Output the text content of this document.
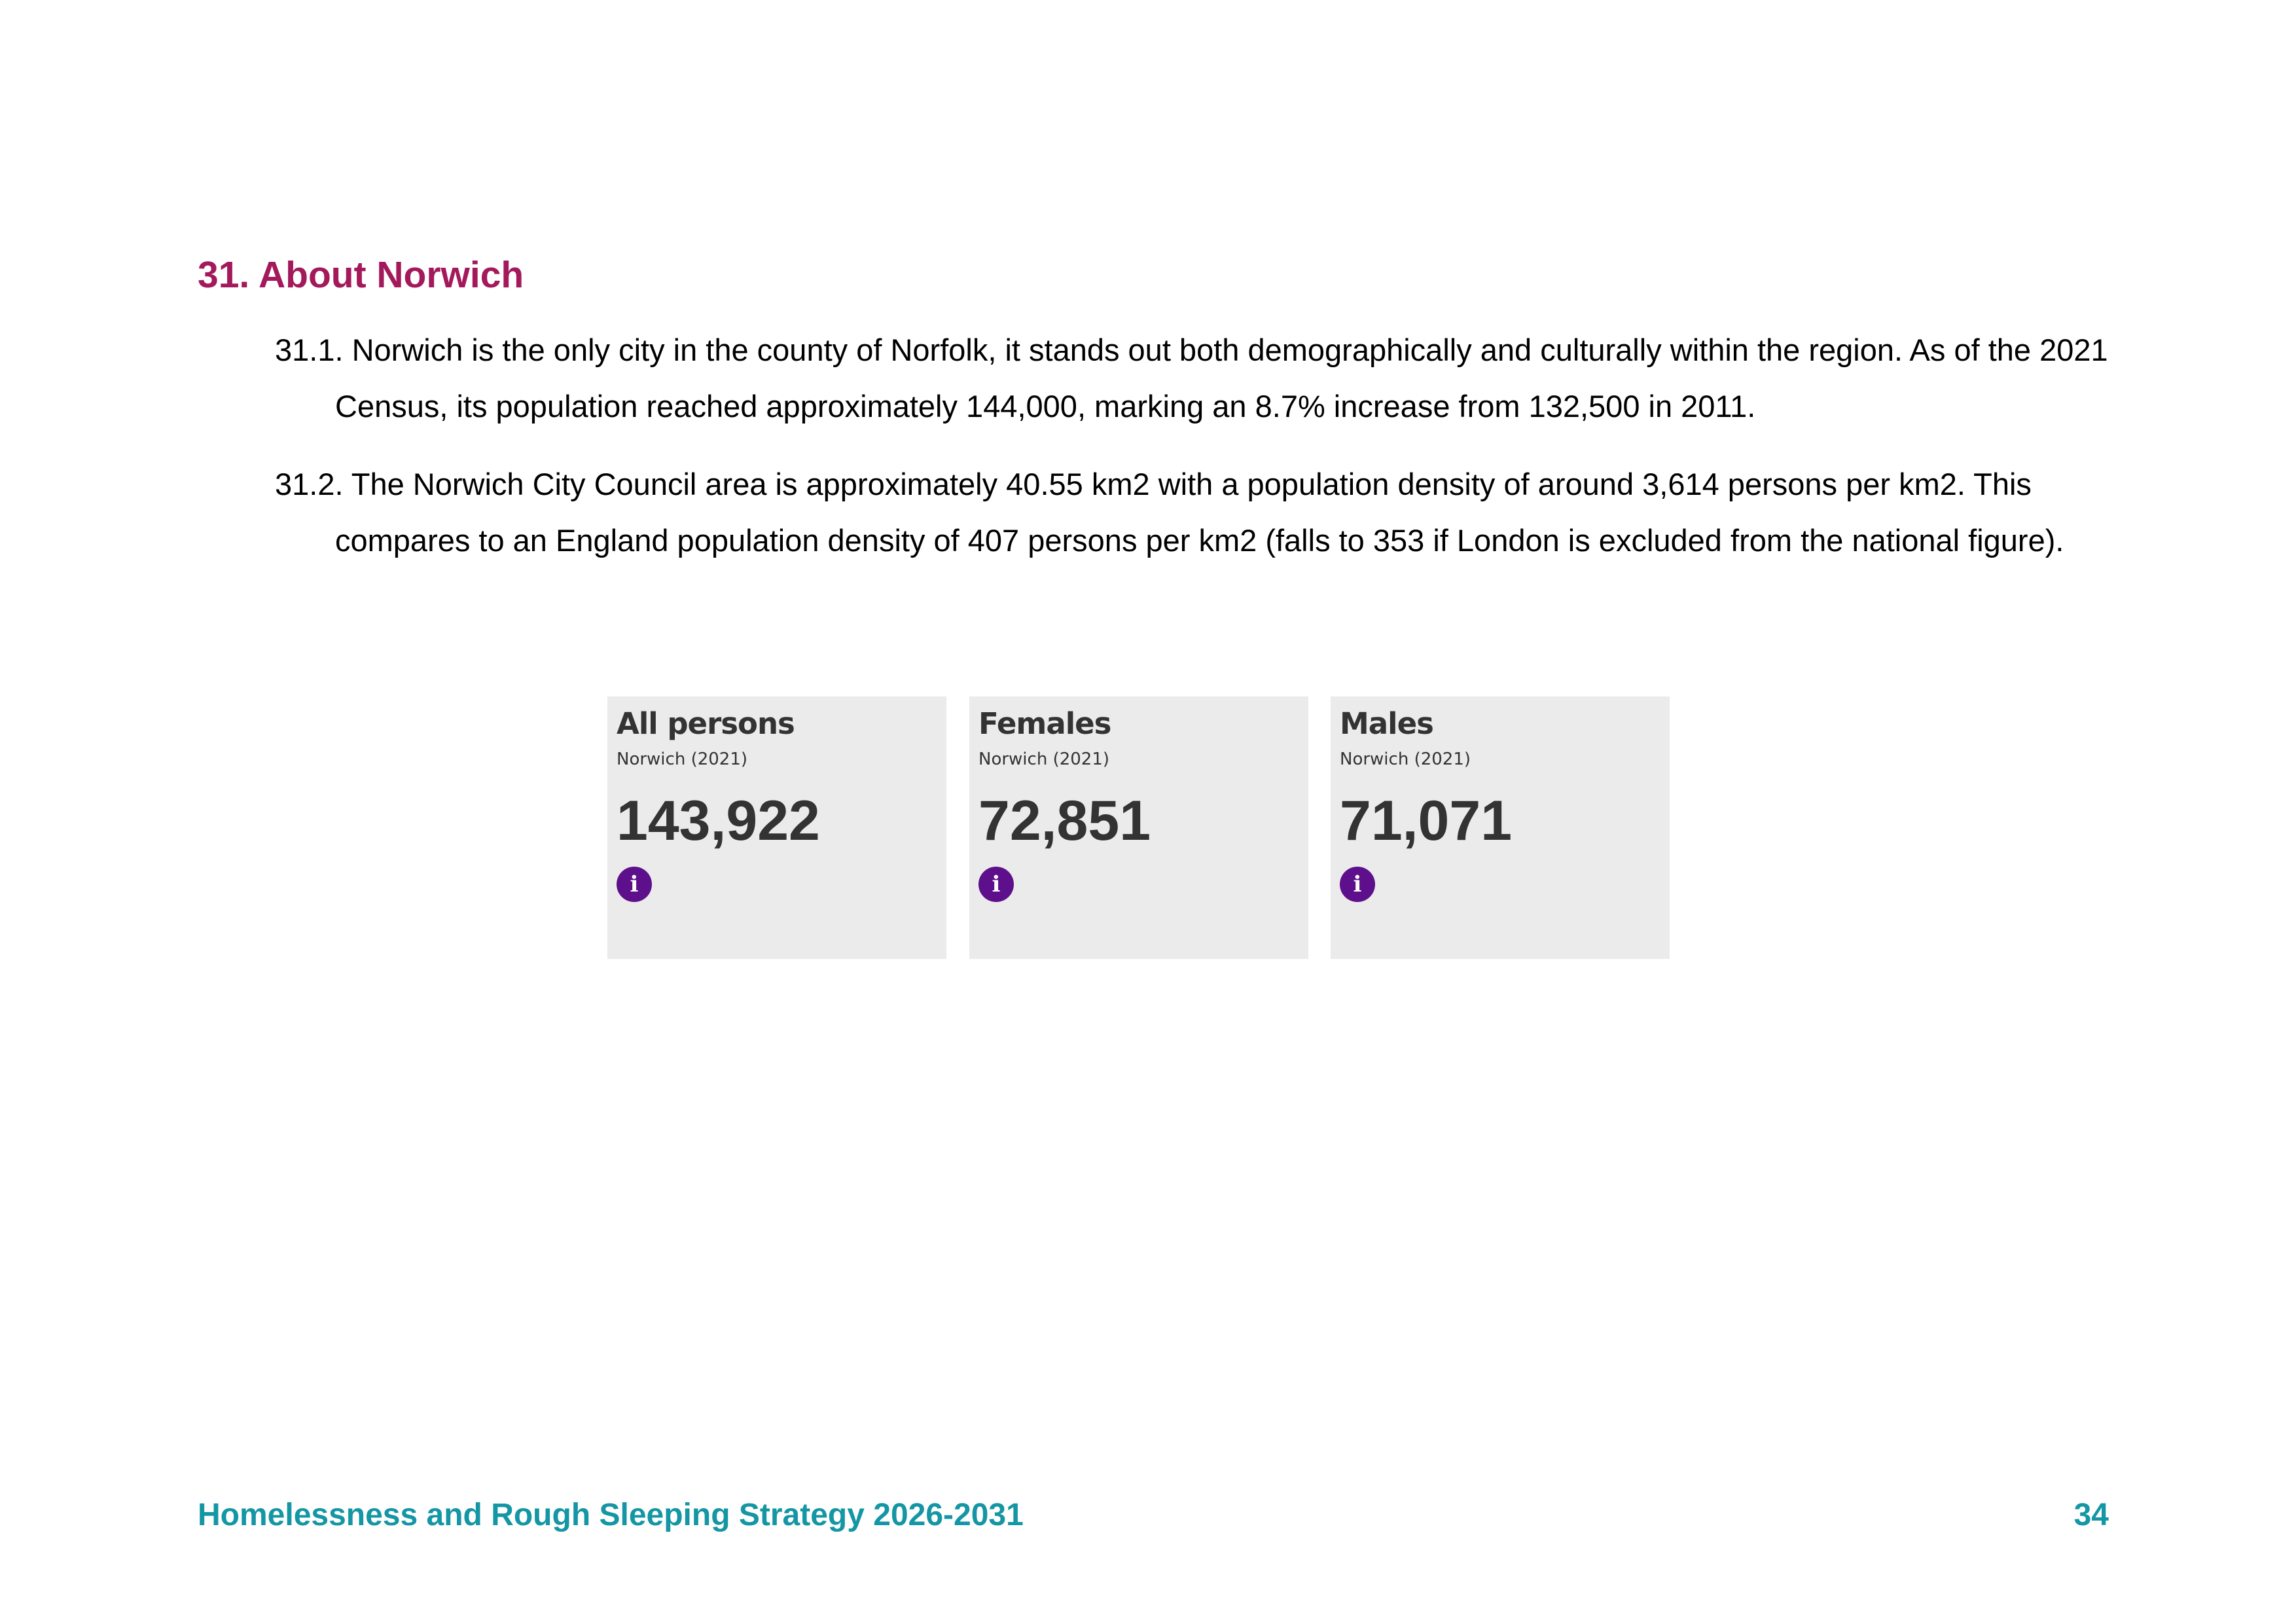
31. About Norwich

31.1. Norwich is the only city in the county of Norfolk, it stands out both demographically and culturally within the region. As of the 2021 Census, its population reached approximately 144,000, marking an 8.7% increase from 132,500 in 2011.

31.2. The Norwich City Council area is approximately 40.55 km2 with a population density of around 3,614 persons per km2. This compares to an England population density of 407 persons per km2 (falls to 353 if London is excluded from the national figure).

All persons
Norwich (2021)
143,922
i
Females
Norwich (2021)
72,851
i
Males
Norwich (2021)
71,071
i
Homelessness and Rough Sleeping Strategy 2026-2031	34
